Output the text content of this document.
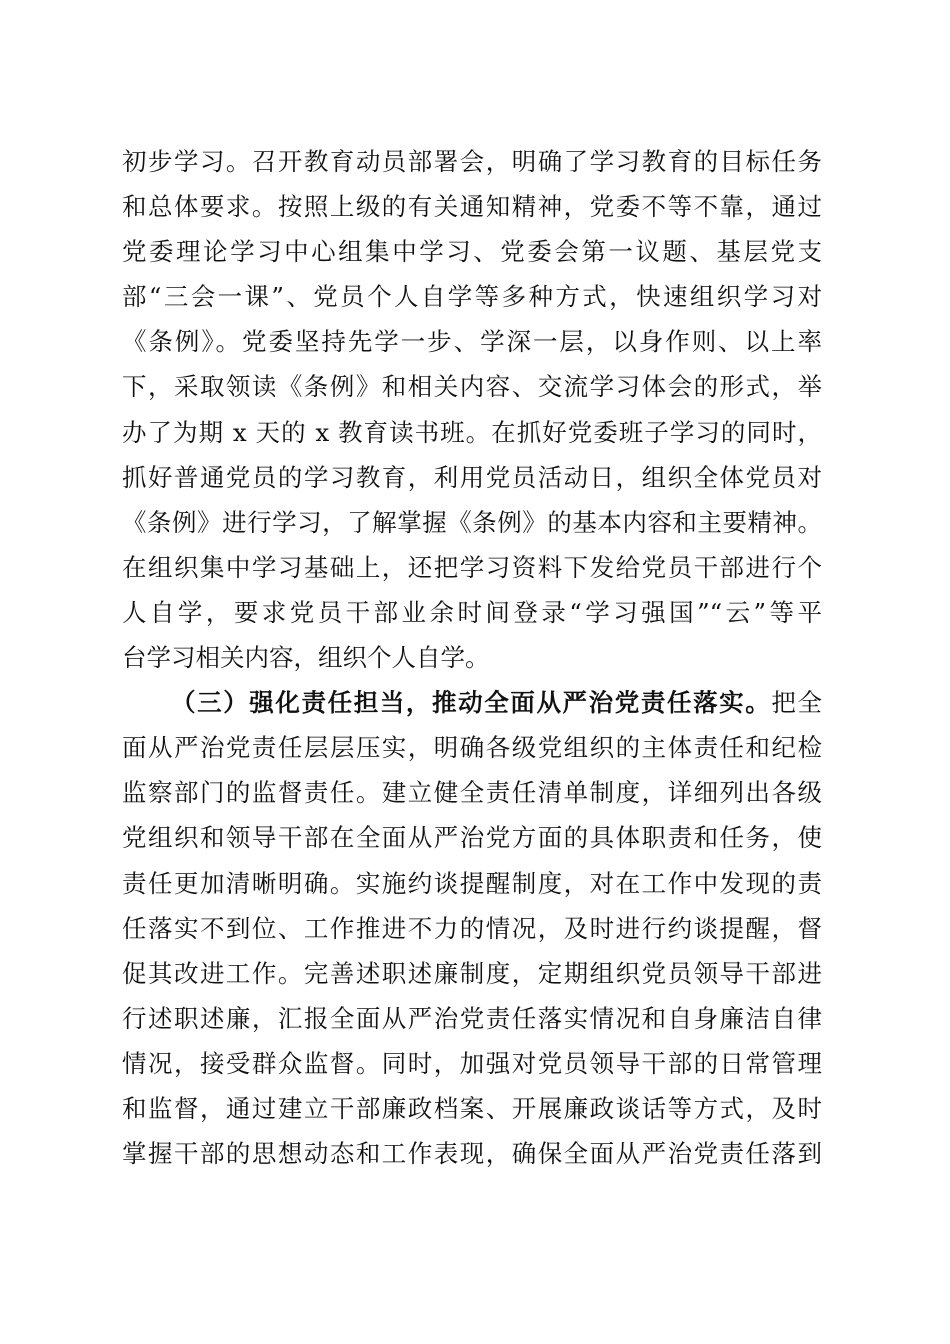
初步学习。召开教育动员部署会，明确了学习教育的目标任务
和总体要求。按照上级的有关通知精神，党委不等不靠，通过
党委理论学习中心组集中学习、党委会第一议题、基层党支
部“三会一课”、党员个人自学等多种方式，快速组织学习对
《条例》。党委坚持先学一步、学深一层，以身作则、以上率
下，采取领读《条例》和相关内容、交流学习体会的形式，举
办了为期 x 天的 x 教育读书班。在抓好党委班子学习的同时，
抓好普通党员的学习教育，利用党员活动日，组织全体党员对
《条例》进行学习，了解掌握《条例》的基本内容和主要精神。
在组织集中学习基础上，还把学习资料下发给党员干部进行个
人自学，要求党员干部业余时间登录“学习强国”“云”等平
台学习相关内容，组织个人自学。
（三）强化责任担当，推动全面从严治党责任落实。把全
面从严治党责任层层压实，明确各级党组织的主体责任和纪检
监察部门的监督责任。建立健全责任清单制度，详细列出各级
党组织和领导干部在全面从严治党方面的具体职责和任务，使
责任更加清晰明确。实施约谈提醒制度，对在工作中发现的责
任落实不到位、工作推进不力的情况，及时进行约谈提醒，督
促其改进工作。完善述职述廉制度，定期组织党员领导干部进
行述职述廉，汇报全面从严治党责任落实情况和自身廉洁自律
情况，接受群众监督。同时，加强对党员领导干部的日常管理
和监督，通过建立干部廉政档案、开展廉政谈话等方式，及时
掌握干部的思想动态和工作表现，确保全面从严治党责任落到
